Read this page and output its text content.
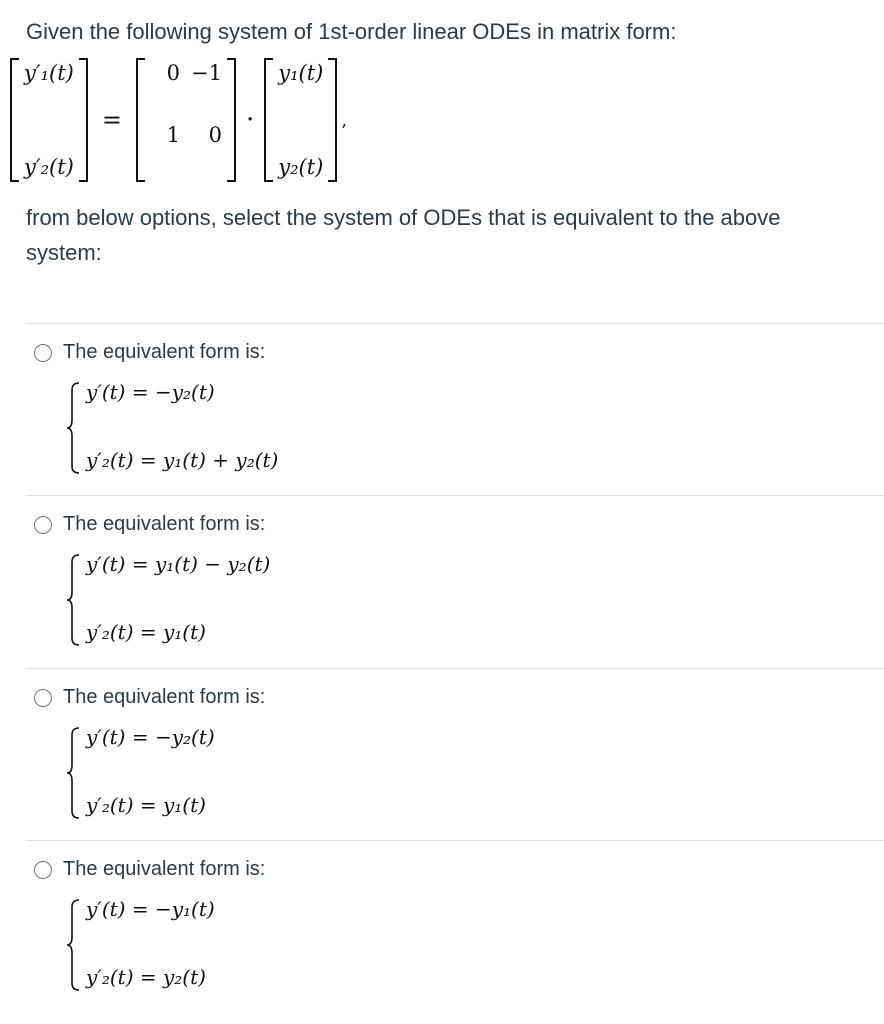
Given the following system of 1st-order linear ODEs in matrix form:

y′₁(t)
y′₂(t)
=
0 −1
1 0 ·
y₁(t)
y₂(t)
,

from below options, select the system of ODEs that is equivalent to the above system:

The equivalent form is:
y′(t) = −y₂(t)
y′₂(t) = y₁(t) + y₂(t)
The equivalent form is:
y′(t) = y₁(t) − y₂(t)
y′₂(t) = y₁(t)
The equivalent form is:
y′(t) = −y₂(t)
y′₂(t) = y₁(t)
The equivalent form is:
y′(t) = −y₁(t)
y′₂(t) = y₂(t)
